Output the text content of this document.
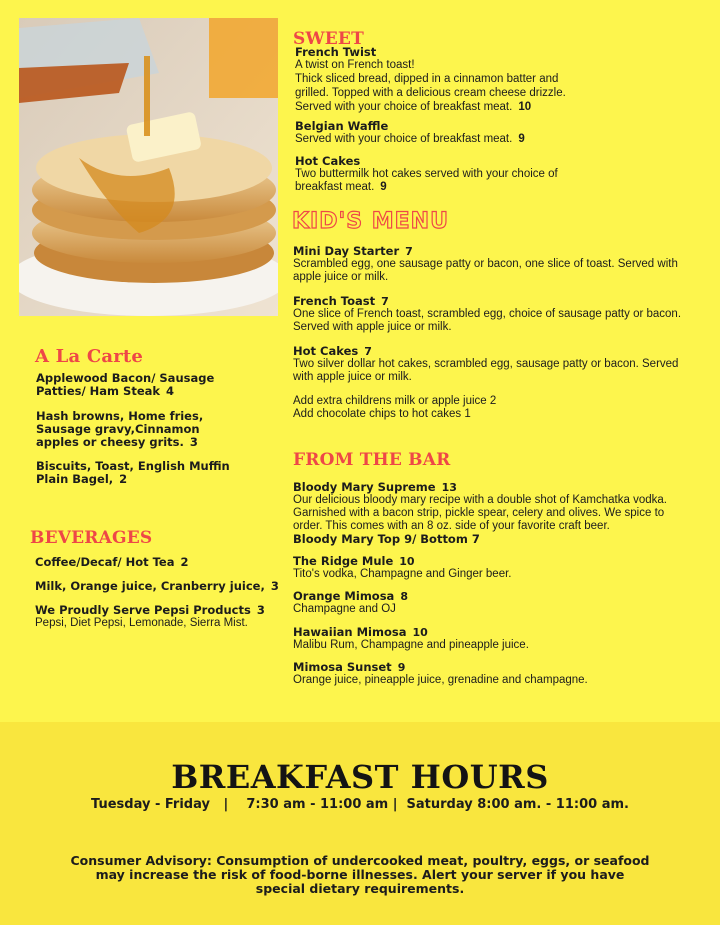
SWEET
French Twist
A twist on French toast!
Thick sliced bread, dipped in a cinnamon batter and
grilled. Topped with a delicious cream cheese drizzle.
Served with your choice of breakfast meat. 10
Belgian Waffle
Served with your choice of breakfast meat. 9
Hot Cakes
Two buttermilk hot cakes served with your choice of
breakfast meat. 9
KID'S MENU
Mini Day Starter 7
Scrambled egg, one sausage patty or bacon, one slice of toast. Served with apple juice or milk.
French Toast 7
One slice of French toast, scrambled egg, choice of sausage patty or bacon. Served with apple juice or milk.
Hot Cakes 7
Two silver dollar hot cakes, scrambled egg, sausage patty or bacon. Served with apple juice or milk.
Add extra childrens milk or apple juice 2
Add chocolate chips to hot cakes 1
FROM THE BAR
Bloody Mary Supreme 13
Our delicious bloody mary recipe with a double shot of Kamchatka vodka. Garnished with a bacon strip, pickle spear, celery and olives. We spice to order. This comes with an 8 oz. side of your favorite craft beer.
Bloody Mary Top 9/ Bottom 7
The Ridge Mule 10
Tito's vodka, Champagne and Ginger beer.
Orange Mimosa 8
Champagne and OJ
Hawaiian Mimosa 10
Malibu Rum, Champagne and pineapple juice.
Mimosa Sunset 9
Orange juice, pineapple juice, grenadine and champagne.
A La Carte
Applewood Bacon/ Sausage
Patties/ Ham Steak 4
Hash browns, Home fries,
Sausage gravy,Cinnamon
apples or cheesy grits. 3
Biscuits, Toast, English Muffin
Plain Bagel, 2
BEVERAGES
Coffee/Decaf/ Hot Tea 2
Milk, Orange juice, Cranberry juice, 3
We Proudly Serve Pepsi Products 3
Pepsi, Diet Pepsi, Lemonade, Sierra Mist.
BREAKFAST HOURS
Tuesday - Friday   |    7:30 am - 11:00 am |  Saturday 8:00 am. - 11:00 am.
Consumer Advisory: Consumption of undercooked meat, poultry, eggs, or seafood may increase the risk of food-borne illnesses. Alert your server if you have special dietary requirements.
